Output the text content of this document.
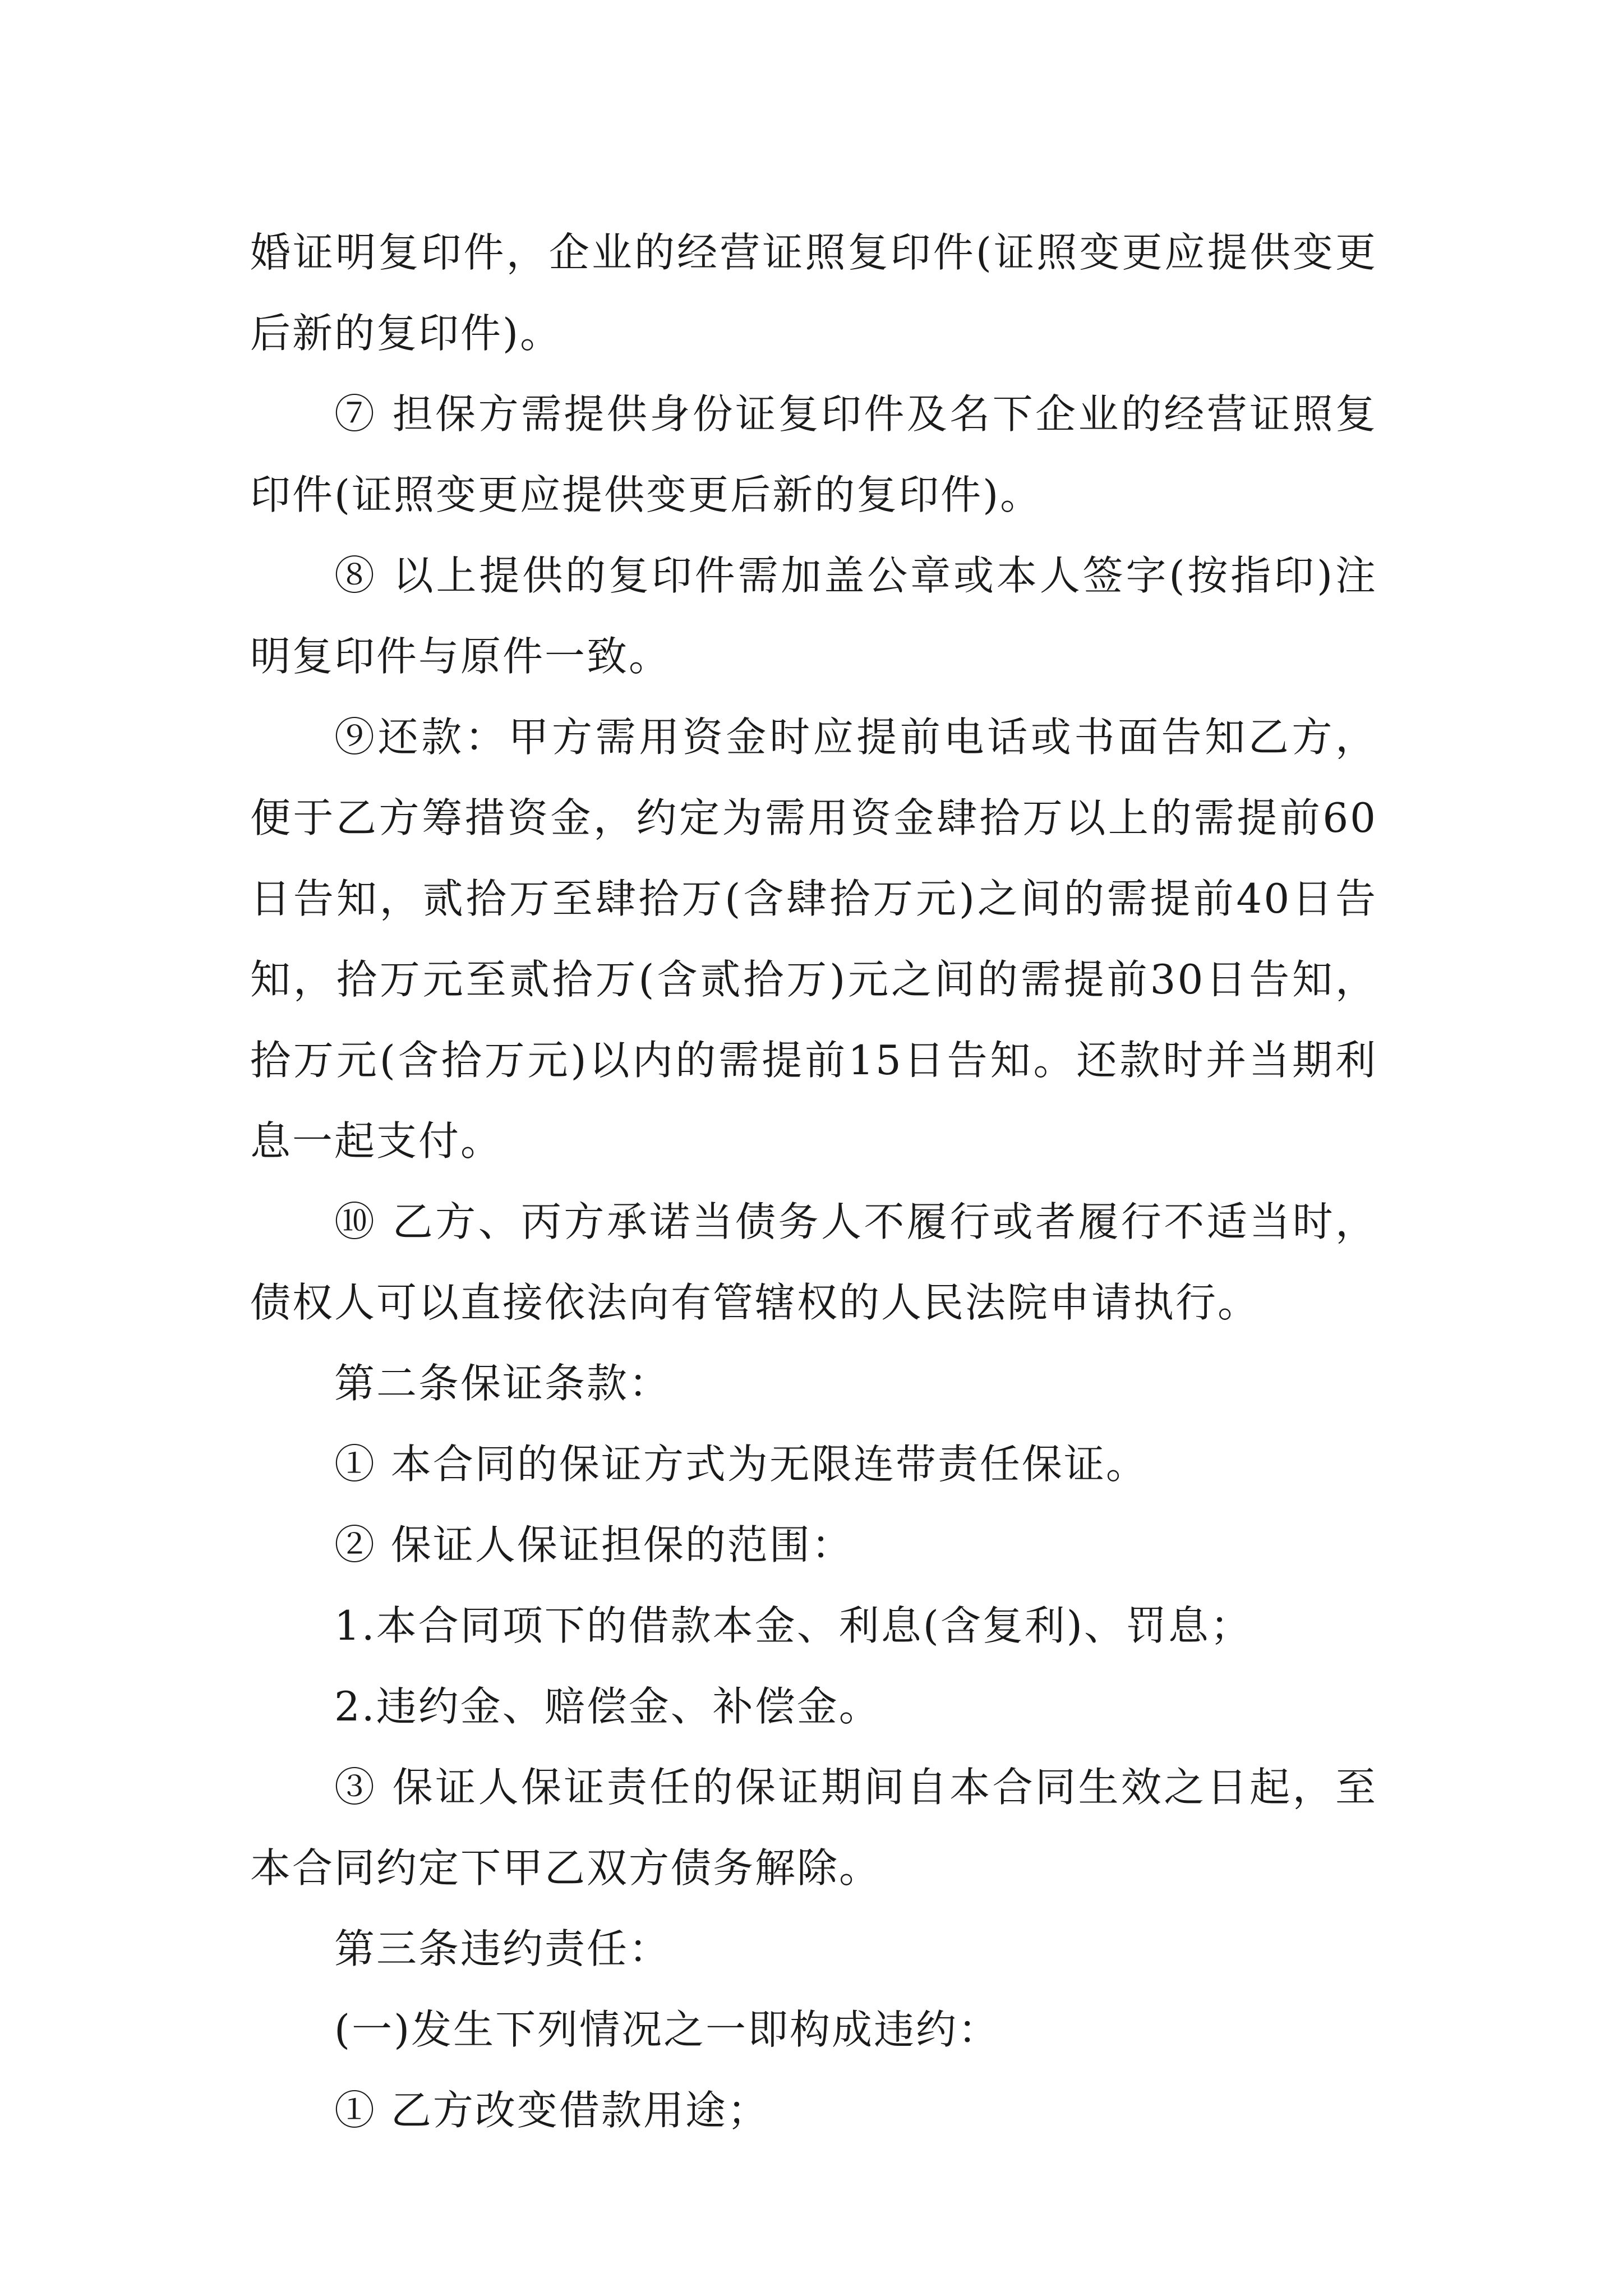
婚证明复印件，企业的经营证照复印件(证照变更应提供变更后新的复印件)。

⑦ 担保方需提供身份证复印件及名下企业的经营证照复印件(证照变更应提供变更后新的复印件)。

⑧ 以上提供的复印件需加盖公章或本人签字(按指印)注明复印件与原件一致。

⑨还款：甲方需用资金时应提前电话或书面告知乙方，便于乙方筹措资金，约定为需用资金肆拾万以上的需提前60日告知，贰拾万至肆拾万(含肆拾万元)之间的需提前40日告知，拾万元至贰拾万(含贰拾万)元之间的需提前30日告知，拾万元(含拾万元)以内的需提前15日告知。还款时并当期利息一起支付。

⑩ 乙方、丙方承诺当债务人不履行或者履行不适当时，债权人可以直接依法向有管辖权的人民法院申请执行。

第二条保证条款：

① 本合同的保证方式为无限连带责任保证。

② 保证人保证担保的范围：

1.本合同项下的借款本金、利息(含复利)、罚息；

2.违约金、赔偿金、补偿金。

③ 保证人保证责任的保证期间自本合同生效之日起，至本合同约定下甲乙双方债务解除。

第三条违约责任：

(一)发生下列情况之一即构成违约：

① 乙方改变借款用途；
